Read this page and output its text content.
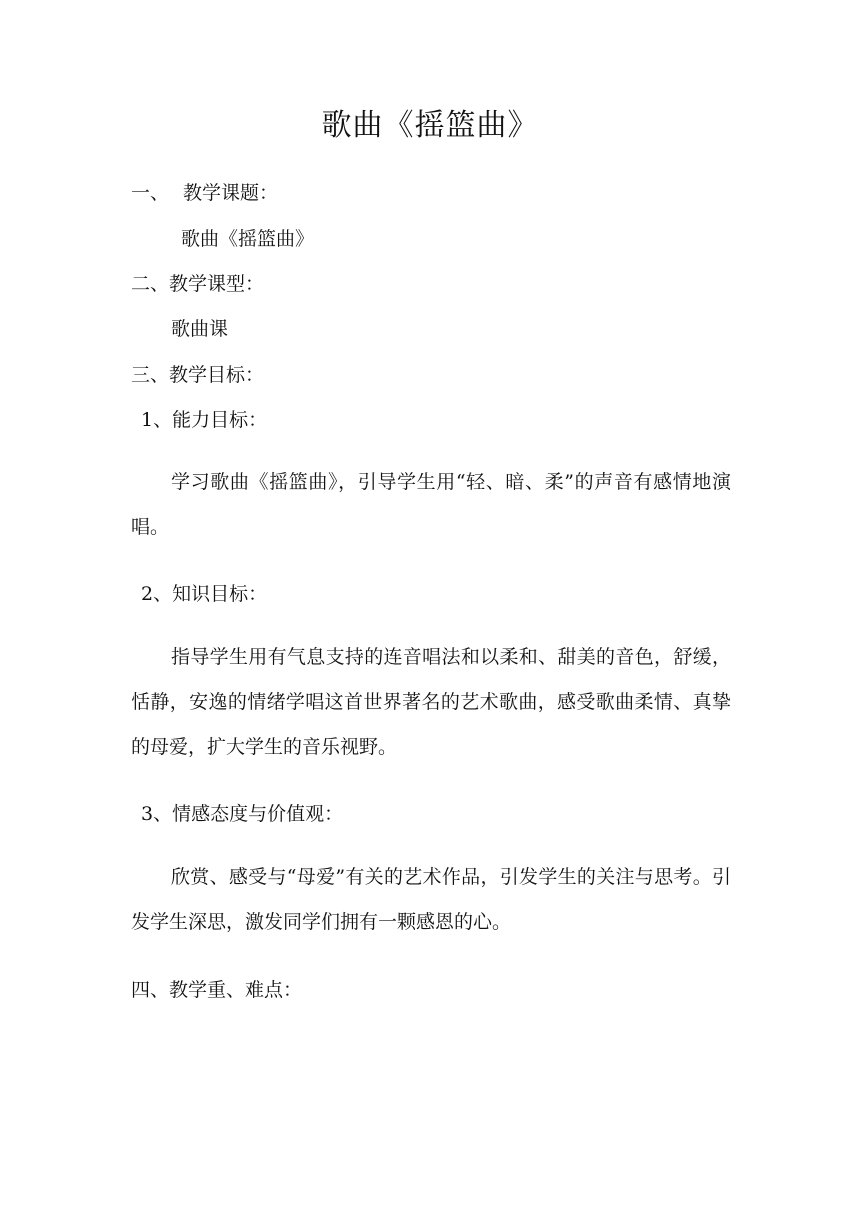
歌曲《摇篮曲》
一、 教学课题：
歌曲《摇篮曲》
二、教学课型：
歌曲课
三、教学目标：
1、能力目标：
学习歌曲《摇篮曲》，引导学生用“轻、暗、柔”的声音有感情地演唱。
2、知识目标：
指导学生用有气息支持的连音唱法和以柔和、甜美的音色，舒缓，恬静，安逸的情绪学唱这首世界著名的艺术歌曲，感受歌曲柔情、真挚的母爱，扩大学生的音乐视野。
3、情感态度与价值观：
欣赏、感受与“母爱”有关的艺术作品，引发学生的关注与思考。引发学生深思，激发同学们拥有一颗感恩的心。
四、教学重、难点：
